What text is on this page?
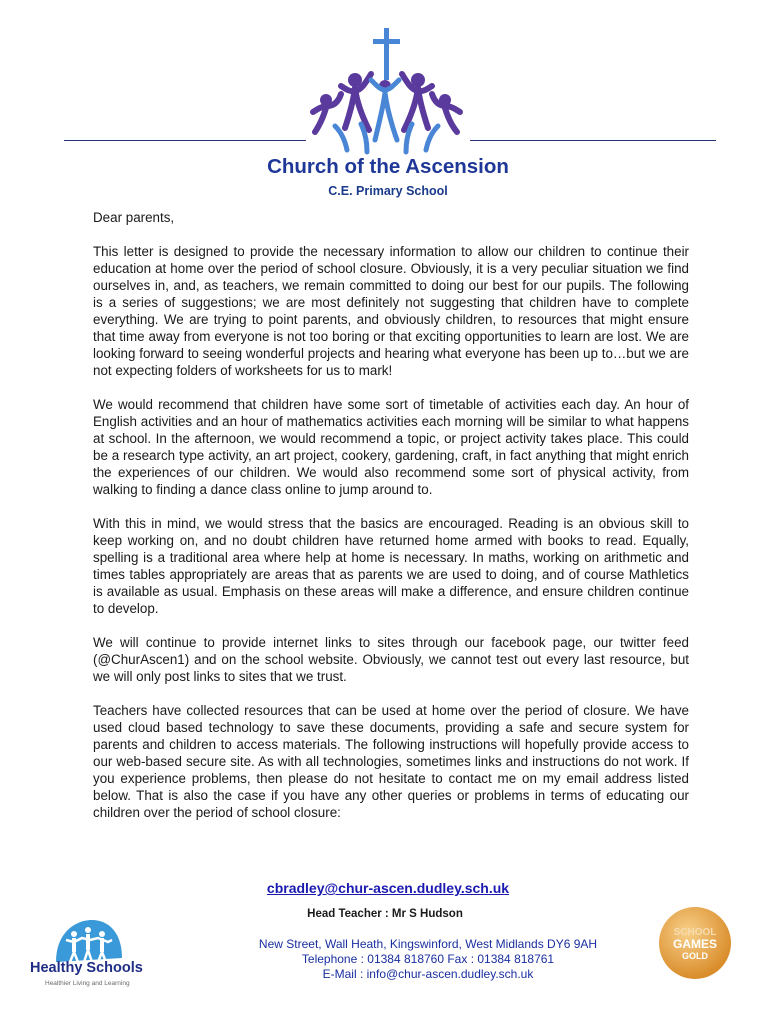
Church of the Ascension
C.E. Primary School

Dear parents,

This letter is designed to provide the necessary information to allow our children to continue their education at home over the period of school closure. Obviously, it is a very peculiar situation we find ourselves in, and, as teachers, we remain committed to doing our best for our pupils. The following is a series of suggestions; we are most definitely not suggesting that children have to complete everything. We are trying to point parents, and obviously children, to resources that might ensure that time away from everyone is not too boring or that exciting opportunities to learn are lost. We are looking forward to seeing wonderful projects and hearing what everyone has been up to…but we are not expecting folders of worksheets for us to mark!

We would recommend that children have some sort of timetable of activities each day. An hour of English activities and an hour of mathematics activities each morning will be similar to what happens at school. In the afternoon, we would recommend a topic, or project activity takes place. This could be a research type activity, an art project, cookery, gardening, craft, in fact anything that might enrich the experiences of our children. We would also recommend some sort of physical activity, from walking to finding a dance class online to jump around to.

With this in mind, we would stress that the basics are encouraged. Reading is an obvious skill to keep working on, and no doubt children have returned home armed with books to read. Equally, spelling is a traditional area where help at home is necessary. In maths, working on arithmetic and times tables appropriately are areas that as parents we are used to doing, and of course Mathletics is available as usual. Emphasis on these areas will make a difference, and ensure children continue to develop.

We will continue to provide internet links to sites through our facebook page, our twitter feed (@ChurAscen1) and on the school website. Obviously, we cannot test out every last resource, but we will only post links to sites that we trust.

Teachers have collected resources that can be used at home over the period of closure. We have used cloud based technology to save these documents, providing a safe and secure system for parents and children to access materials. The following instructions will hopefully provide access to our web-based secure site. As with all technologies, sometimes links and instructions do not work. If you experience problems, then please do not hesitate to contact me on my email address listed below. That is also the case if you have any other queries or problems in terms of educating our children over the period of school closure:

cbradley@chur-ascen.dudley.sch.uk
Head Teacher : Mr S Hudson
New Street, Wall Heath, Kingswinford, West Midlands DY6 9AH
Telephone : 01384 818760 Fax : 01384 818761
E-Mail : info@chur-ascen.dudley.sch.uk
Healthy Schools
Healthier Living and Learning
SCHOOL
GAMES
GOLD
